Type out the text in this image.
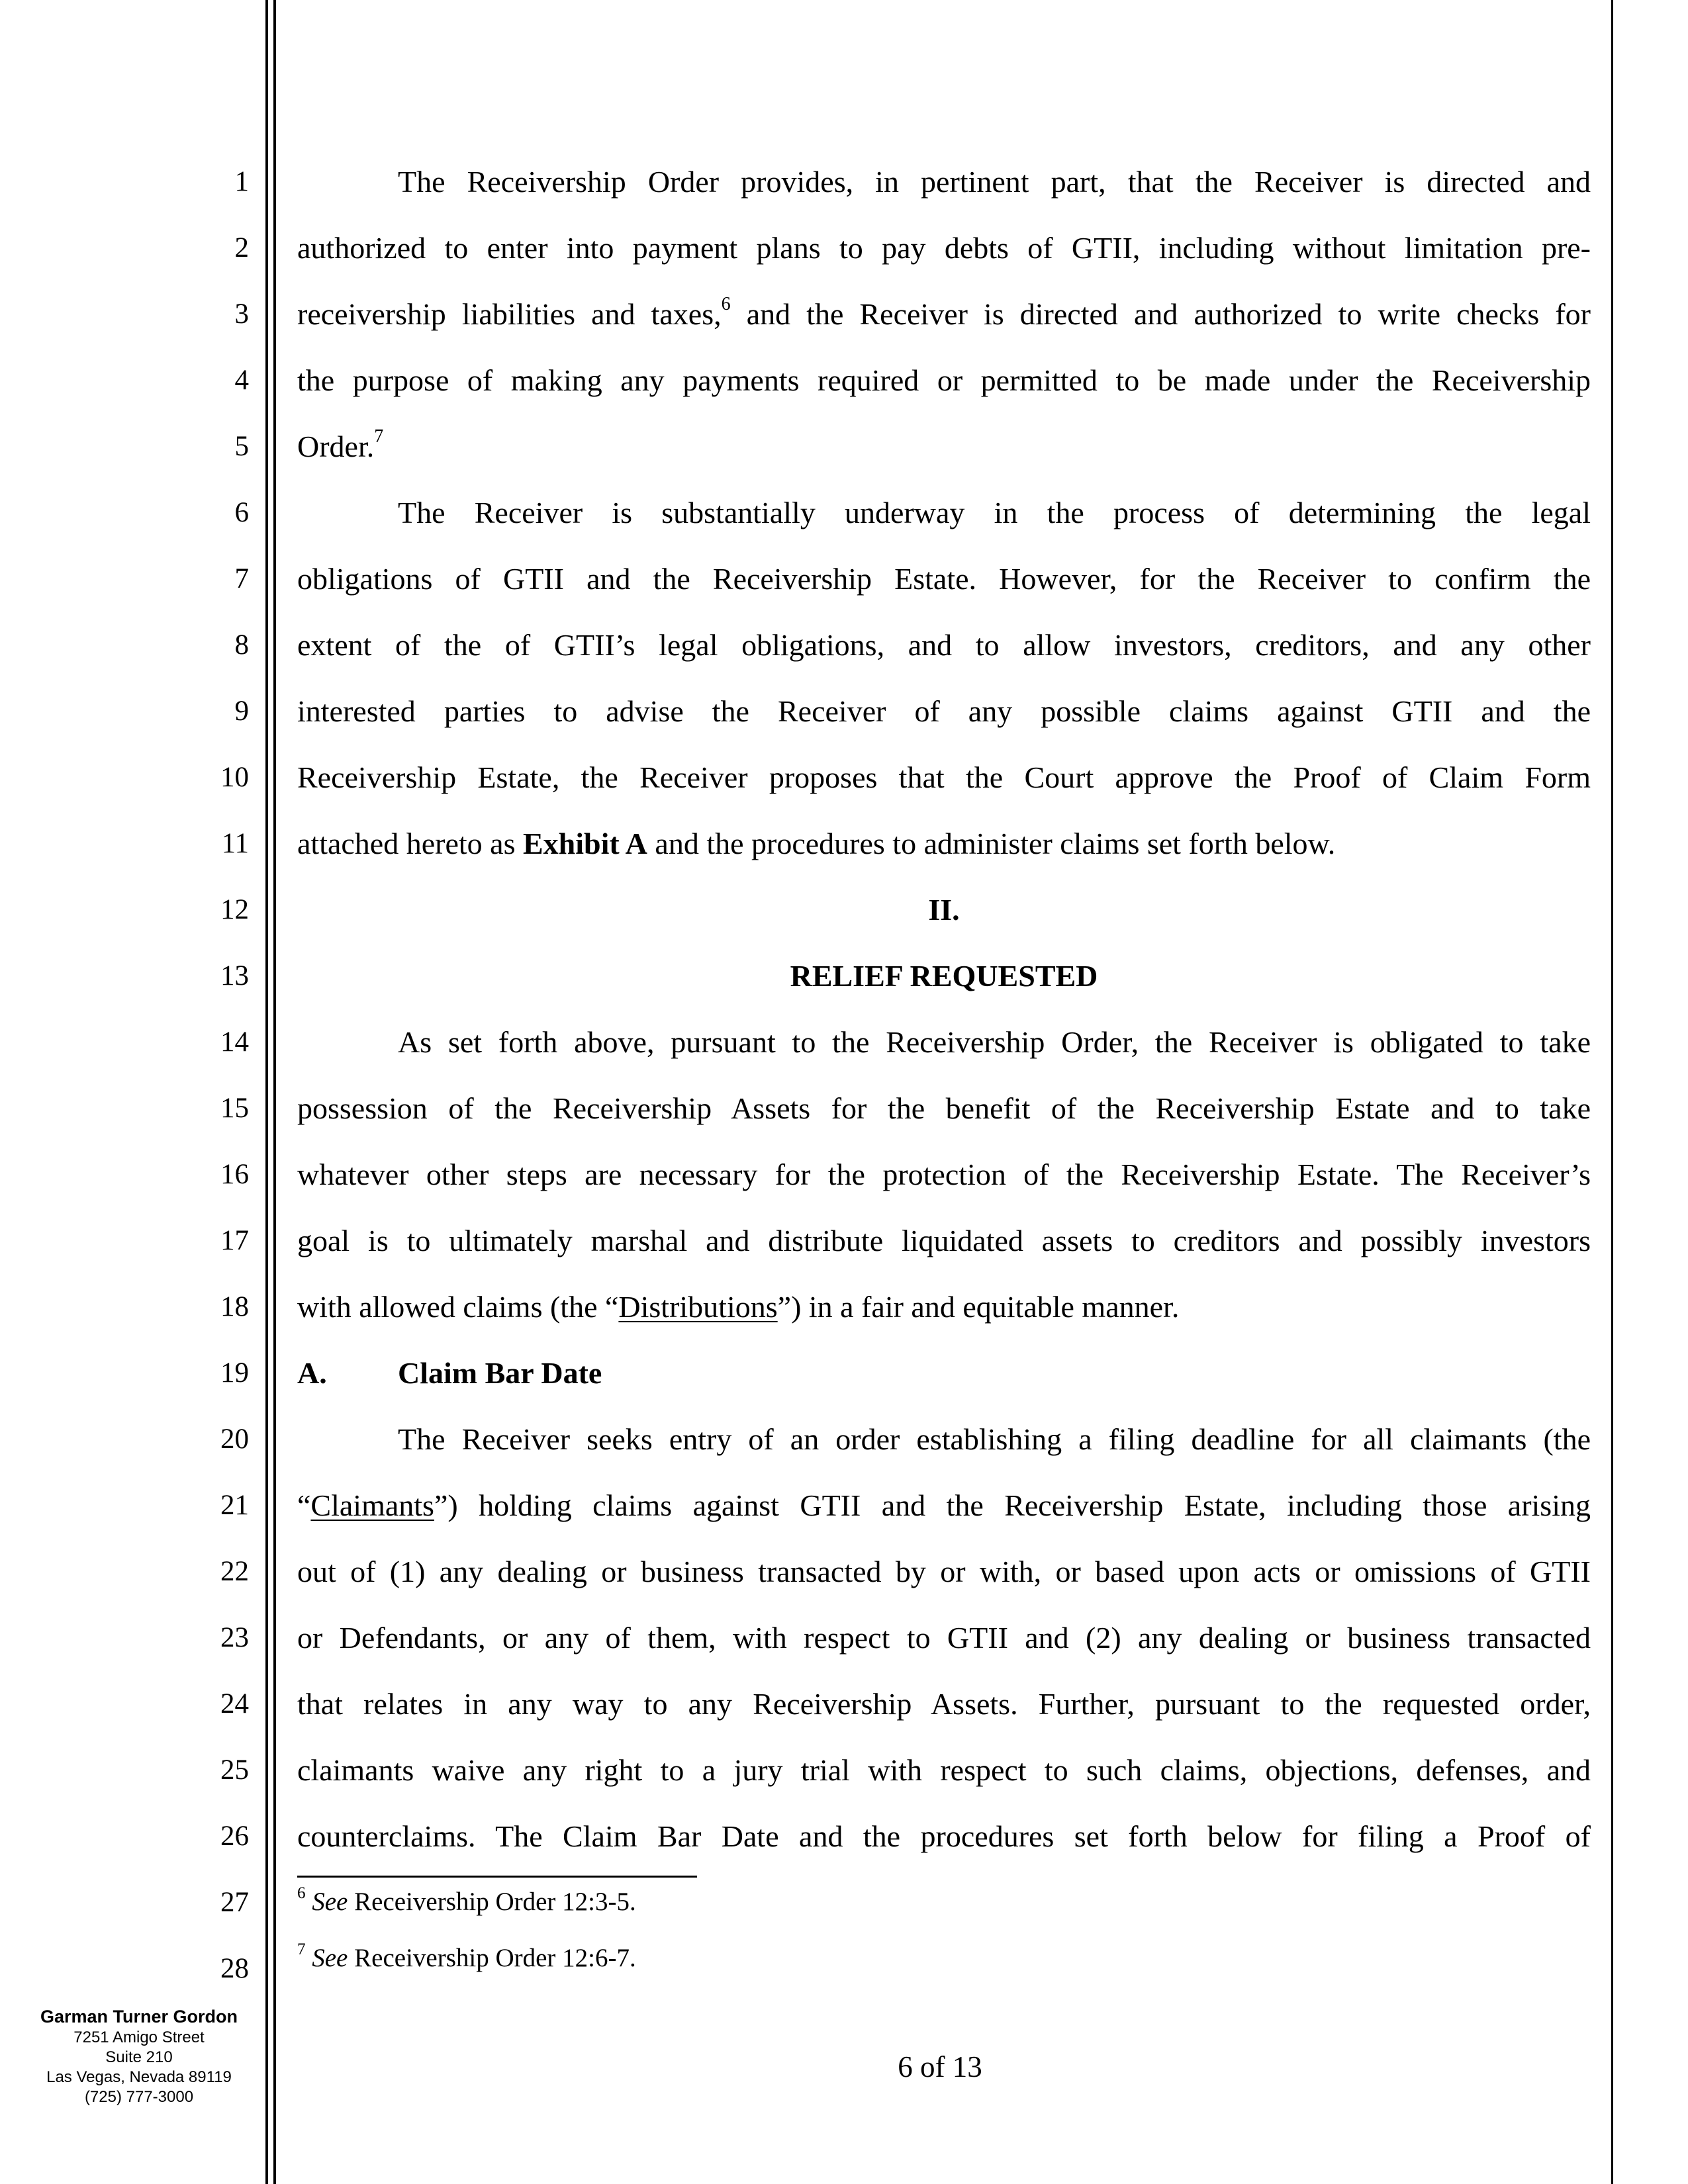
1
2
3
4
5
6
7
8
9
10
11
12
13
14
15
16
17
18
19
20
21
22
23
24
25
26
27
28
The Receivership Order provides, in pertinent part, that the Receiver is directed and
authorized to enter into payment plans to pay debts of GTII, including without limitation pre-
receivership liabilities and taxes,$^6$ and the Receiver is directed and authorized to write checks for
the purpose of making any payments required or permitted to be made under the Receivership
Order.$^7$
The Receiver is substantially underway in the process of determining the legal
obligations of GTII and the Receivership Estate. However, for the Receiver to confirm the
extent of the of GTII’s legal obligations, and to allow investors, creditors, and any other
interested parties to advise the Receiver of any possible claims against GTII and the
Receivership Estate, the Receiver proposes that the Court approve the Proof of Claim Form
attached hereto as Exhibit A and the procedures to administer claims set forth below.
II.
RELIEF REQUESTED
As set forth above, pursuant to the Receivership Order, the Receiver is obligated to take
possession of the Receivership Assets for the benefit of the Receivership Estate and to take
whatever other steps are necessary for the protection of the Receivership Estate. The Receiver’s
goal is to ultimately marshal and distribute liquidated assets to creditors and possibly investors
with allowed claims (the “Distributions”) in a fair and equitable manner.
A. Claim Bar Date
The Receiver seeks entry of an order establishing a filing deadline for all claimants (the
“Claimants”) holding claims against GTII and the Receivership Estate, including those arising
out of (1) any dealing or business transacted by or with, or based upon acts or omissions of GTII
or Defendants, or any of them, with respect to GTII and (2) any dealing or business transacted
that relates in any way to any Receivership Assets. Further, pursuant to the requested order,
claimants waive any right to a jury trial with respect to such claims, objections, defenses, and
counterclaims. The Claim Bar Date and the procedures set forth below for filing a Proof of
$^6$ See Receivership Order 12:3-5.
$^7$ See Receivership Order 12:6-7.
Garman Turner Gordon
7251 Amigo Street
Suite 210
Las Vegas, Nevada 89119
(725) 777-3000
6 of 13
